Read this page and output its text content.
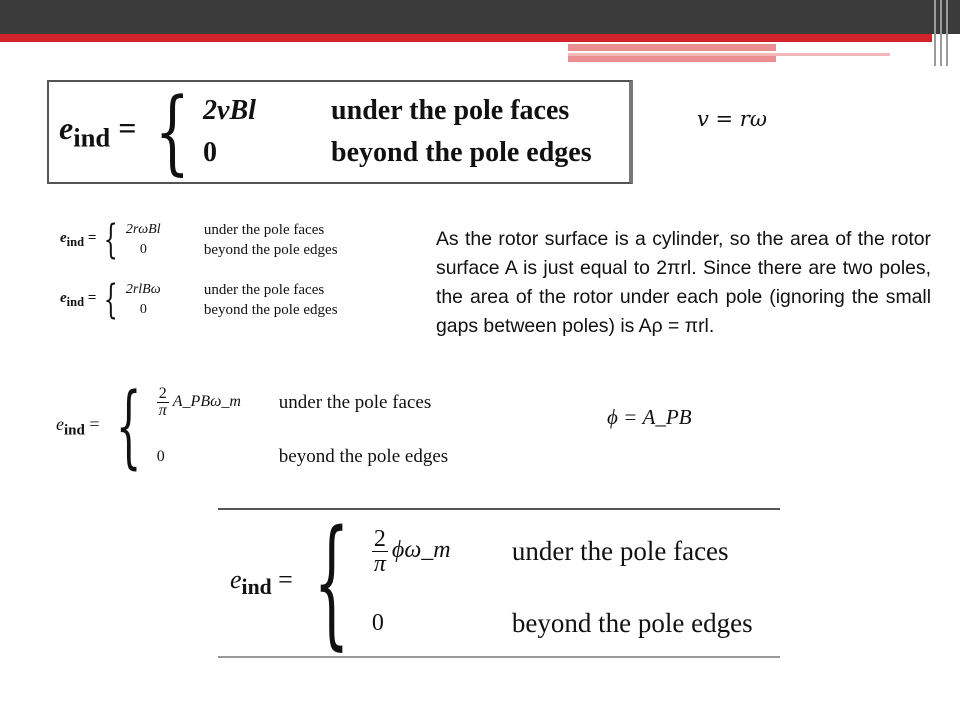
$e_{ind}$ = { 2vBl	under the pole faces
0	beyond the pole edges
v = rω
$e_{ind}$ = { 2rωBl	under the pole faces
0	beyond the pole edges
$e_{ind}$ = { 2rlBω	under the pole faces
0	beyond the pole edges

As the rotor surface is a cylinder, so the area of the rotor surface A is just equal to 2πrl. Since there are two poles, the area of the rotor under each pole (ignoring the small gaps between poles) is Aρ = πrl.

$e_{ind}$ = { $\frac{2}{\pi}$ A_PBω_m	under the pole faces
0	beyond the pole edges
ϕ = A_PB
$e_{ind}$ = { $\frac{2}{\pi}$ ϕω_m	under the pole faces
0	beyond the pole edges
